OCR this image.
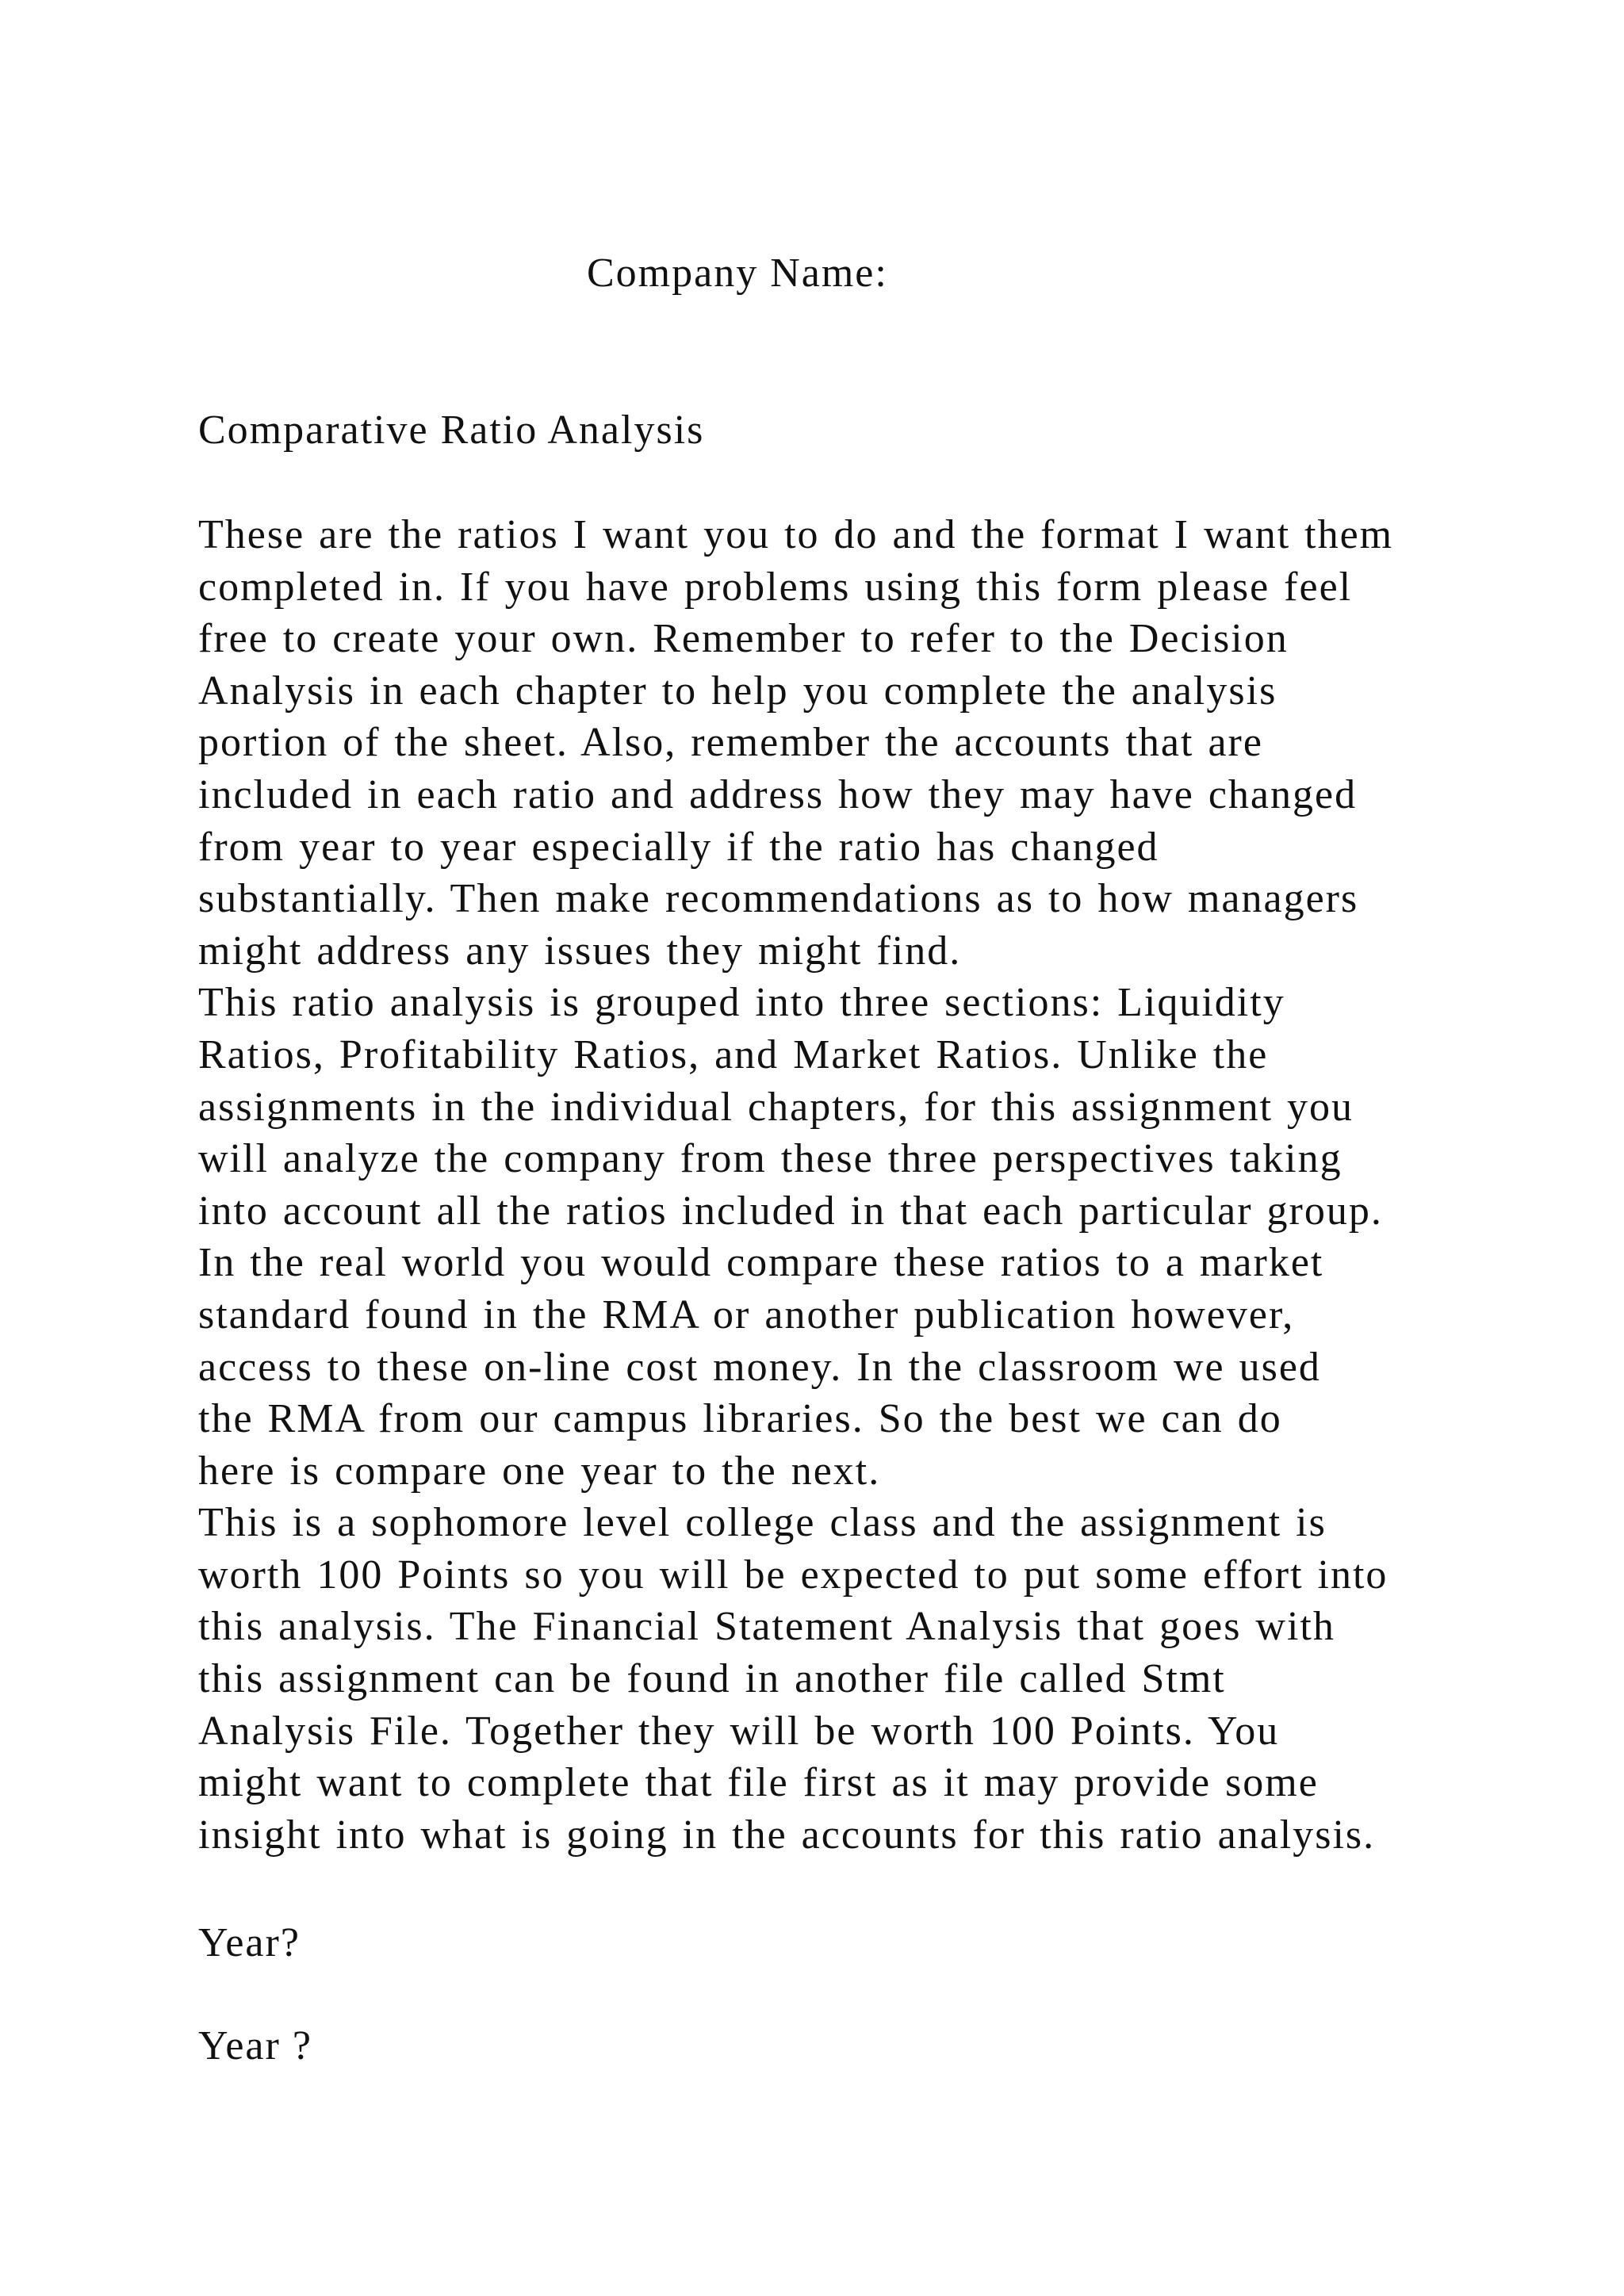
Company Name:
Comparative Ratio Analysis
These are the ratios I want you to do and the format I want them
completed in. If you have problems using this form please feel
free to create your own. Remember to refer to the Decision
Analysis in each chapter to help you complete the analysis
portion of the sheet. Also, remember the accounts that are
included in each ratio and address how they may have changed
from year to year especially if the ratio has changed
substantially. Then make recommendations as to how managers
might address any issues they might find.
This ratio analysis is grouped into three sections: Liquidity
Ratios, Profitability Ratios, and Market Ratios. Unlike the
assignments in the individual chapters, for this assignment you
will analyze the company from these three perspectives taking
into account all the ratios included in that each particular group.
In the real world you would compare these ratios to a market
standard found in the RMA or another publication however,
access to these on-line cost money. In the classroom we used
the RMA from our campus libraries. So the best we can do
here is compare one year to the next.
This is a sophomore level college class and the assignment is
worth 100 Points so you will be expected to put some effort into
this analysis. The Financial Statement Analysis that goes with
this assignment can be found in another file called Stmt
Analysis File. Together they will be worth 100 Points. You
might want to complete that file first as it may provide some
insight into what is going in the accounts for this ratio analysis.
Year?
Year ?
